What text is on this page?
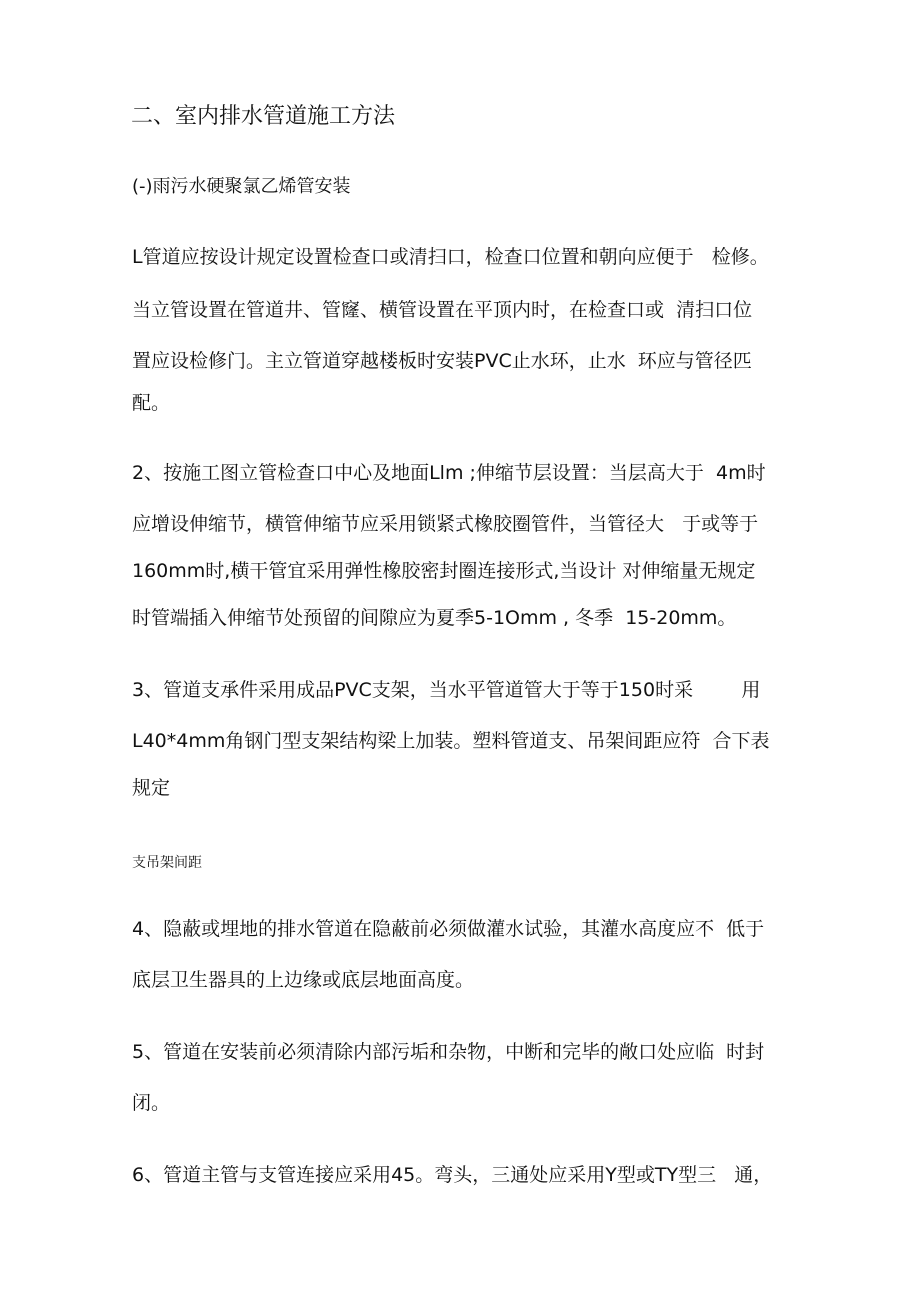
二、室内排水管道施工方法
(-)雨污水硬聚氯乙烯管安装
L管道应按设计规定设置检查口或清扫口，检查口位置和朝向应便于   检修。
当立管设置在管道井、管窿、横管设置在平顶内时，在检查口或  清扫口位
置应设检修门。主立管道穿越楼板时安装PVC止水环，止水  环应与管径匹
配。
2、按施工图立管检查口中心及地面Llm ;伸缩节层设置：当层高大于  4m时
应增设伸缩节，横管伸缩节应采用锁紧式橡胶圈管件，当管径大   于或等于
160mm时,横干管宜采用弹性橡胶密封圈连接形式,当设计 对伸缩量无规定
时管端插入伸缩节处预留的间隙应为夏季5-1Omm , 冬季  15-20mm。
3、管道支承件采用成品PVC支架，当水平管道管大于等于150时采        用
L40*4mm角钢门型支架结构梁上加装。塑料管道支、吊架间距应符  合下表
规定
支吊架间距
4、隐蔽或埋地的排水管道在隐蔽前必须做灌水试验，其灌水高度应不  低于
底层卫生器具的上边缘或底层地面高度。
5、管道在安装前必须清除内部污垢和杂物，中断和完毕的敞口处应临  时封
闭。
6、管道主管与支管连接应采用45。弯头，三通处应采用Y型或TY型三   通，
